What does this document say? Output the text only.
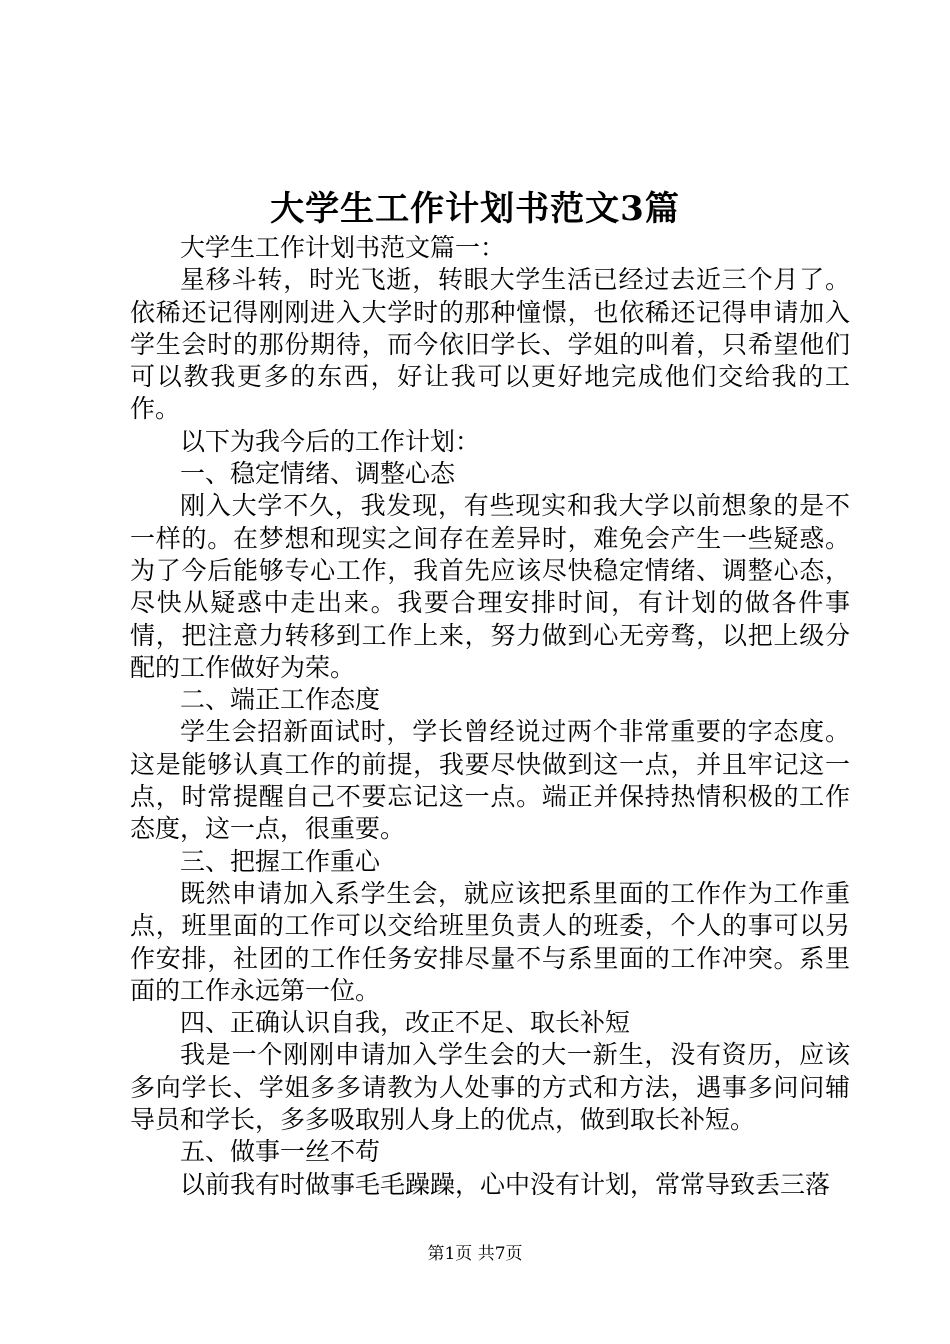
大学生工作计划书范文3篇

大学生工作计划书范文篇一：

星移斗转，时光飞逝，转眼大学生活已经过去近三个月了。依稀还记得刚刚进入大学时的那种憧憬，也依稀还记得申请加入学生会时的那份期待，而今依旧学长、学姐的叫着，只希望他们可以教我更多的东西，好让我可以更好地完成他们交给我的工作。

以下为我今后的工作计划：

一、稳定情绪、调整心态

刚入大学不久，我发现，有些现实和我大学以前想象的是不一样的。在梦想和现实之间存在差异时，难免会产生一些疑惑。为了今后能够专心工作，我首先应该尽快稳定情绪、调整心态，尽快从疑惑中走出来。我要合理安排时间，有计划的做各件事情，把注意力转移到工作上来，努力做到心无旁骛，以把上级分配的工作做好为荣。

二、端正工作态度

学生会招新面试时，学长曾经说过两个非常重要的字态度。这是能够认真工作的前提，我要尽快做到这一点，并且牢记这一点，时常提醒自己不要忘记这一点。端正并保持热情积极的工作态度，这一点，很重要。

三、把握工作重心

既然申请加入系学生会，就应该把系里面的工作作为工作重点，班里面的工作可以交给班里负责人的班委，个人的事可以另作安排，社团的工作任务安排尽量不与系里面的工作冲突。系里面的工作永远第一位。

四、正确认识自我，改正不足、取长补短

我是一个刚刚申请加入学生会的大一新生，没有资历，应该多向学长、学姐多多请教为人处事的方式和方法，遇事多问问辅导员和学长，多多吸取别人身上的优点，做到取长补短。

五、做事一丝不苟

以前我有时做事毛毛躁躁，心中没有计划，常常导致丢三落

第1页 共7页
